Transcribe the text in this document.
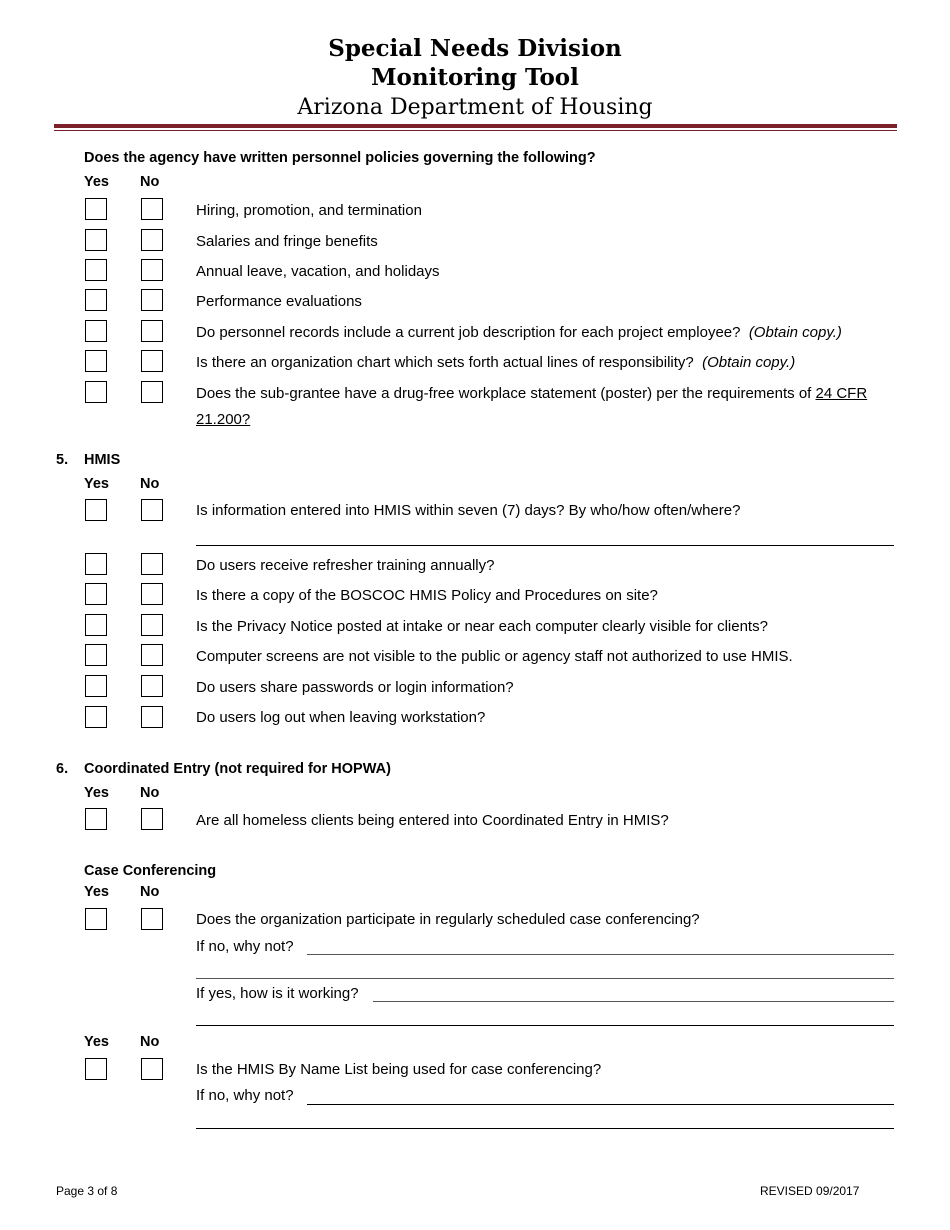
Special Needs Division
Monitoring Tool
Arizona Department of Housing
Does the agency have written personnel policies governing the following?
Yes No
Hiring, promotion, and termination
Salaries and fringe benefits
Annual leave, vacation, and holidays
Performance evaluations
Do personnel records include a current job description for each project employee? (Obtain copy.)
Is there an organization chart which sets forth actual lines of responsibility? (Obtain copy.)
Does the sub-grantee have a drug-free workplace statement (poster) per the requirements of 24 CFR 21.200?
5. HMIS
Yes No
Is information entered into HMIS within seven (7) days? By who/how often/where?
Do users receive refresher training annually?
Is there a copy of the BOSCOC HMIS Policy and Procedures on site?
Is the Privacy Notice posted at intake or near each computer clearly visible for clients?
Computer screens are not visible to the public or agency staff not authorized to use HMIS.
Do users share passwords or login information?
Do users log out when leaving workstation?
6. Coordinated Entry (not required for HOPWA)
Yes No
Are all homeless clients being entered into Coordinated Entry in HMIS?
Case Conferencing
Yes No
Does the organization participate in regularly scheduled case conferencing?
If no, why not?
If yes, how is it working?
Yes No
Is the HMIS By Name List being used for case conferencing?
If no, why not?
Page 3 of 8	REVISED 09/2017
